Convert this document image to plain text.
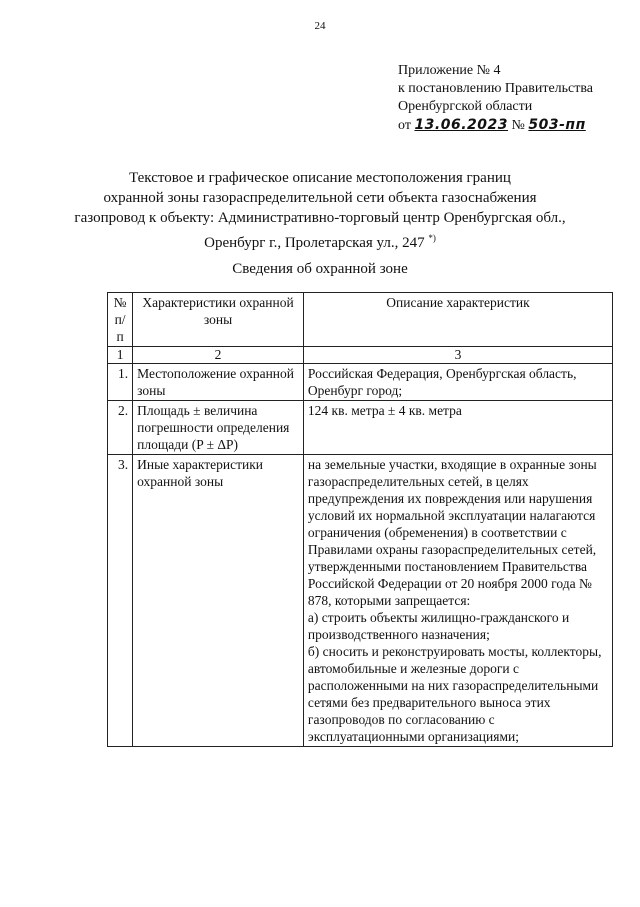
24
Приложение № 4
к постановлению Правительства
Оренбургской области
от 13.06.2023 № 503-пп
Текстовое и графическое описание местоположения границ
охранной зоны газораспределительной сети объекта газоснабжения
газопровод к объекту: Административно-торговый центр Оренбургская обл.,
Оренбург г., Пролетарская ул., 247 *)
Сведения об охранной зоне
№ п/п	Характеристики охранной зоны	Описание характеристик
1	2	3
1.	Местоположение охранной зоны	Российская Федерация, Оренбургская область, Оренбург город;

2.	Площадь ± величина погрешности определения площади (P ± ΔP)	124 кв. метра ± 4 кв. метра

3.	Иные характеристики охранной зоны	на земельные участки, входящие в охранные зоны газораспределительных сетей, в целях предупреждения их повреждения или нарушения условий их нормальной эксплуатации налагаются ограничения (обременения) в соответствии с Правилами охраны газораспределительных сетей, утвержденными постановлением Правительства Российской Федерации от 20 ноября 2000 года № 878, которыми запрещается:

а) строить объекты жилищно-гражданского и производственного назначения;

б) сносить и реконструировать мосты, коллекторы, автомобильные и железные дороги с расположенными на них газораспределительными сетями без предварительного выноса этих газопроводов по согласованию с эксплуатационными организациями;
